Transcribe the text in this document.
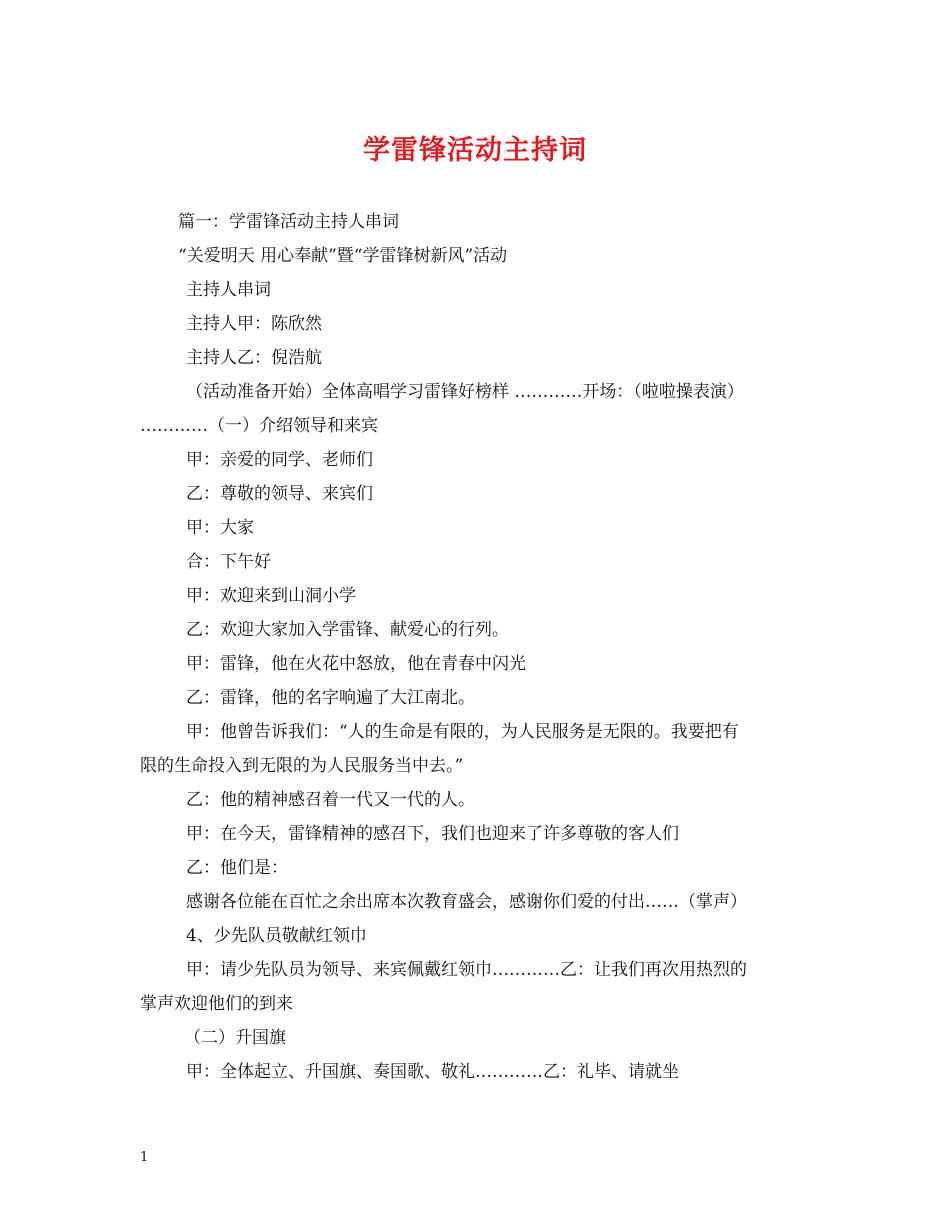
学雷锋活动主持词
篇一：学雷锋活动主持人串词
“关爱明天 用心奉献”暨“学雷锋树新风”活动
主持人串词
主持人甲：陈欣然
主持人乙：倪浩航
（活动准备开始）全体高唱学习雷锋好榜样 …………开场：（啦啦操表演）
…………（一）介绍领导和来宾
甲：亲爱的同学、老师们
乙：尊敬的领导、来宾们
甲：大家
合：下午好
甲：欢迎来到山洞小学
乙：欢迎大家加入学雷锋、献爱心的行列。
甲：雷锋，他在火花中怒放，他在青春中闪光
乙：雷锋，他的名字响遍了大江南北。
甲：他曾告诉我们：“人的生命是有限的，为人民服务是无限的。我要把有
限的生命投入到无限的为人民服务当中去。”
乙：他的精神感召着一代又一代的人。
甲：在今天，雷锋精神的感召下，我们也迎来了许多尊敬的客人们
乙：他们是：
感谢各位能在百忙之余出席本次教育盛会，感谢你们爱的付出……（掌声）
4、少先队员敬献红领巾
甲：请少先队员为领导、来宾佩戴红领巾…………乙：让我们再次用热烈的
掌声欢迎他们的到来
（二）升国旗
甲：全体起立、升国旗、奏国歌、敬礼…………乙：礼毕、请就坐
1
